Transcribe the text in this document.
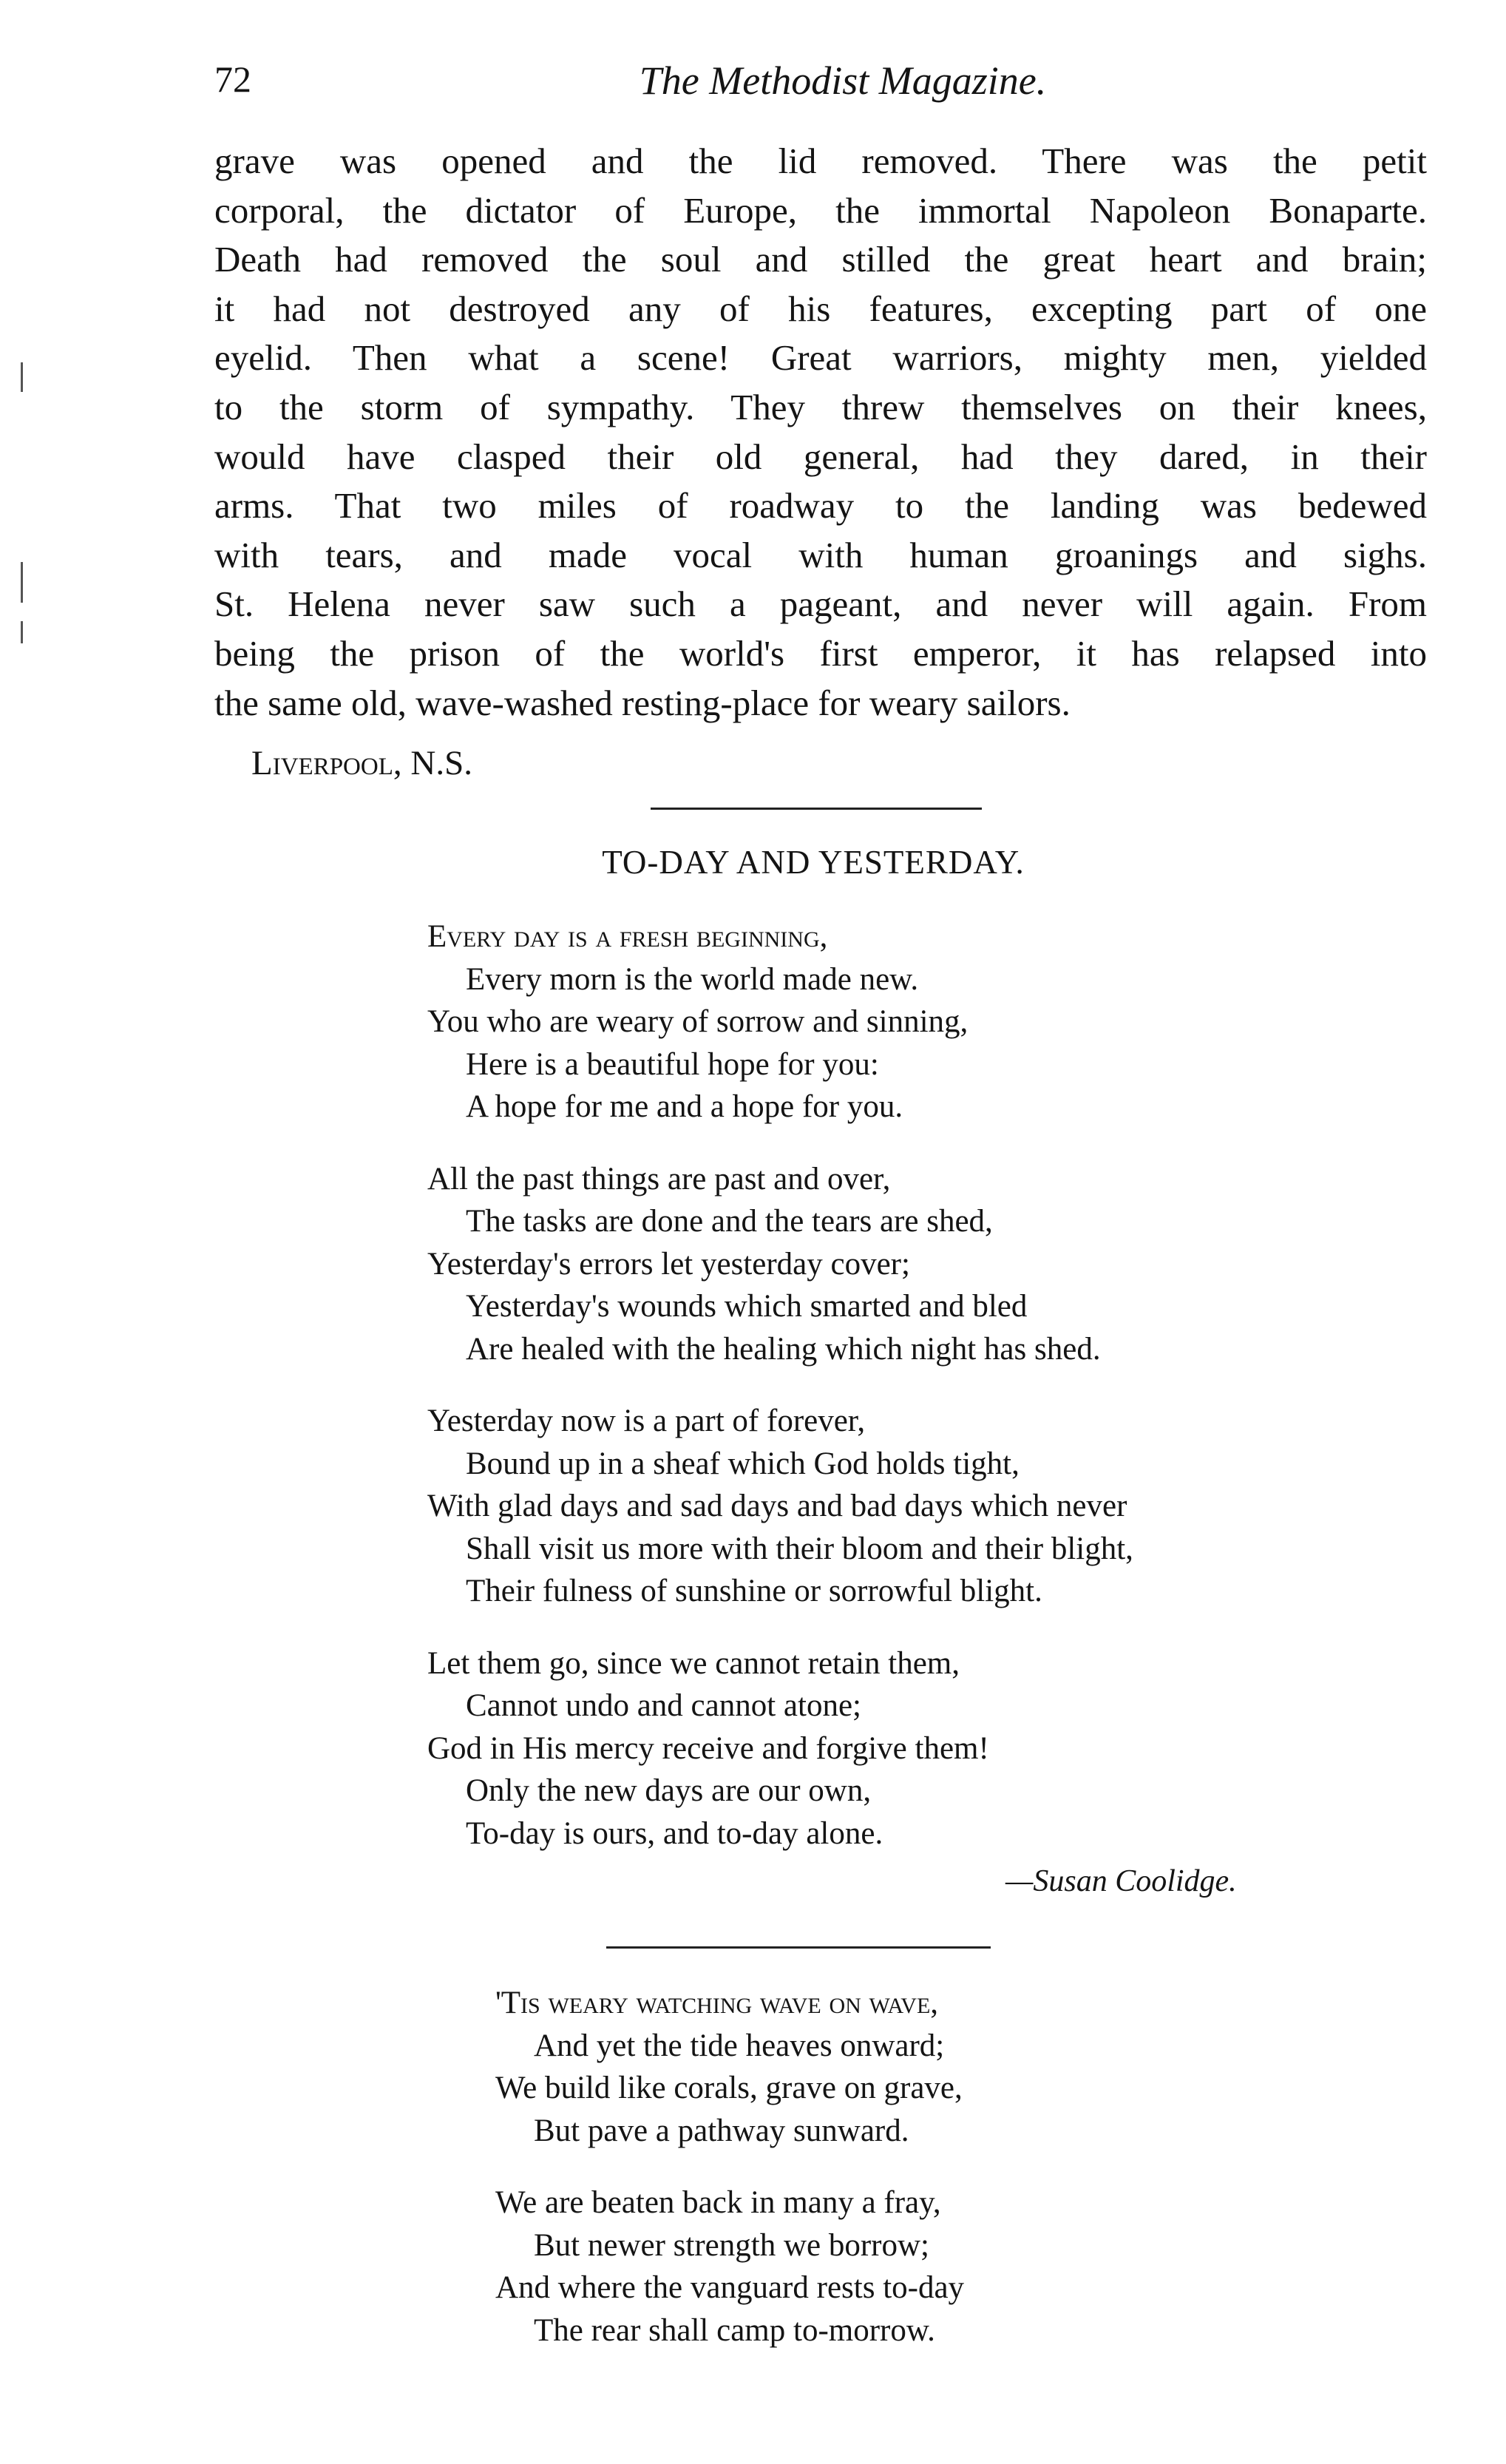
72	The Methodist Magazine.
grave was opened and the lid removed. There was the petit
corporal, the dictator of Europe, the immortal Napoleon Bonaparte.
Death had removed the soul and stilled the great heart and brain;
it had not destroyed any of his features, excepting part of one
eyelid. Then what a scene! Great warriors, mighty men, yielded
to the storm of sympathy. They threw themselves on their knees,
would have clasped their old general, had they dared, in their
arms. That two miles of roadway to the landing was bedewed
with tears, and made vocal with human groanings and sighs.
St. Helena never saw such a pageant, and never will again. From
being the prison of the world's first emperor, it has relapsed into
the same old, wave-washed resting-place for weary sailors.
Liverpool, N.S.
TO-DAY AND YESTERDAY.
Every day is a fresh beginning,
Every morn is the world made new.
You who are weary of sorrow and sinning,
Here is a beautiful hope for you:
A hope for me and a hope for you.
All the past things are past and over,
The tasks are done and the tears are shed,
Yesterday's errors let yesterday cover;
Yesterday's wounds which smarted and bled
Are healed with the healing which night has shed.
Yesterday now is a part of forever,
Bound up in a sheaf which God holds tight,
With glad days and sad days and bad days which never
Shall visit us more with their bloom and their blight,
Their fulness of sunshine or sorrowful blight.
Let them go, since we cannot retain them,
Cannot undo and cannot atone;
God in His mercy receive and forgive them!
Only the new days are our own,
To-day is ours, and to-day alone.
—Susan Coolidge.
'Tis weary watching wave on wave,
And yet the tide heaves onward;
We build like corals, grave on grave,
But pave a pathway sunward.
We are beaten back in many a fray,
But newer strength we borrow;
And where the vanguard rests to-day
The rear shall camp to-morrow.
